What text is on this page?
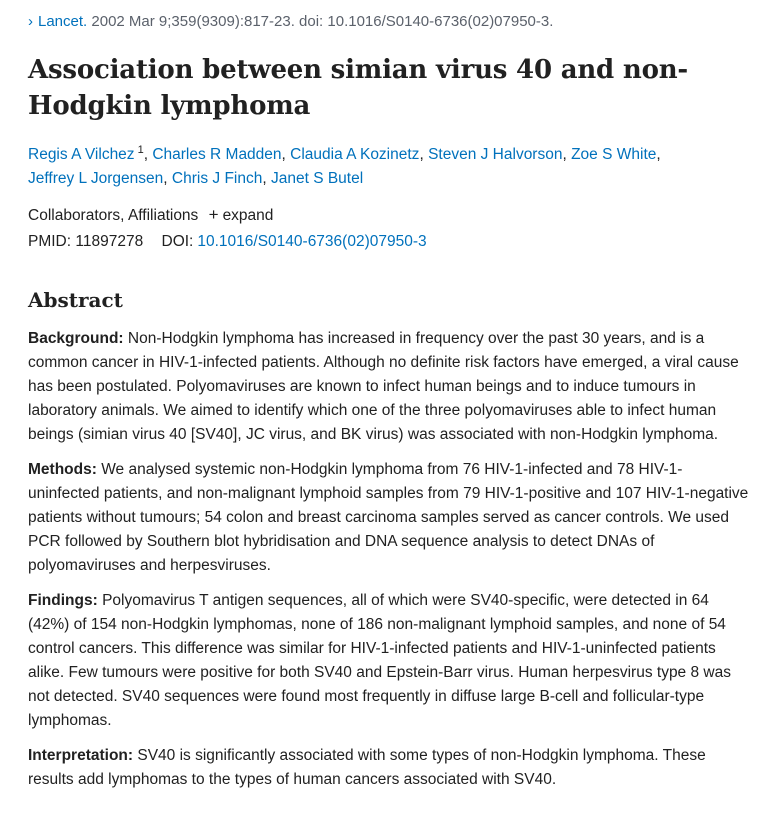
› Lancet. 2002 Mar 9;359(9309):817-23. doi: 10.1016/S0140-6736(02)07950-3.
Association between simian virus 40 and non-Hodgkin lymphoma
Regis A Vilchez $^1$, Charles R Madden, Claudia A Kozinetz, Steven J Halvorson, Zoe S White,
Jeffrey L Jorgensen, Chris J Finch, Janet S Butel
Collaborators, Affiliations + expand
PMID: 11897278 DOI: 10.1016/S0140-6736(02)07950-3
Abstract

Background: Non-Hodgkin lymphoma has increased in frequency over the past 30 years, and is a common cancer in HIV-1-infected patients. Although no definite risk factors have emerged, a viral cause has been postulated. Polyomaviruses are known to infect human beings and to induce tumours in laboratory animals. We aimed to identify which one of the three polyomaviruses able to infect human beings (simian virus 40 [SV40], JC virus, and BK virus) was associated with non-Hodgkin lymphoma.

Methods: We analysed systemic non-Hodgkin lymphoma from 76 HIV-1-infected and 78 HIV-1-uninfected patients, and non-malignant lymphoid samples from 79 HIV-1-positive and 107 HIV-1-negative patients without tumours; 54 colon and breast carcinoma samples served as cancer controls. We used PCR followed by Southern blot hybridisation and DNA sequence analysis to detect DNAs of polyomaviruses and herpesviruses.

Findings: Polyomavirus T antigen sequences, all of which were SV40-specific, were detected in 64 (42%) of 154 non-Hodgkin lymphomas, none of 186 non-malignant lymphoid samples, and none of 54 control cancers. This difference was similar for HIV-1-infected patients and HIV-1-uninfected patients alike. Few tumours were positive for both SV40 and Epstein-Barr virus. Human herpesvirus type 8 was not detected. SV40 sequences were found most frequently in diffuse large B-cell and follicular-type lymphomas.

Interpretation: SV40 is significantly associated with some types of non-Hodgkin lymphoma. These results add lymphomas to the types of human cancers associated with SV40.
